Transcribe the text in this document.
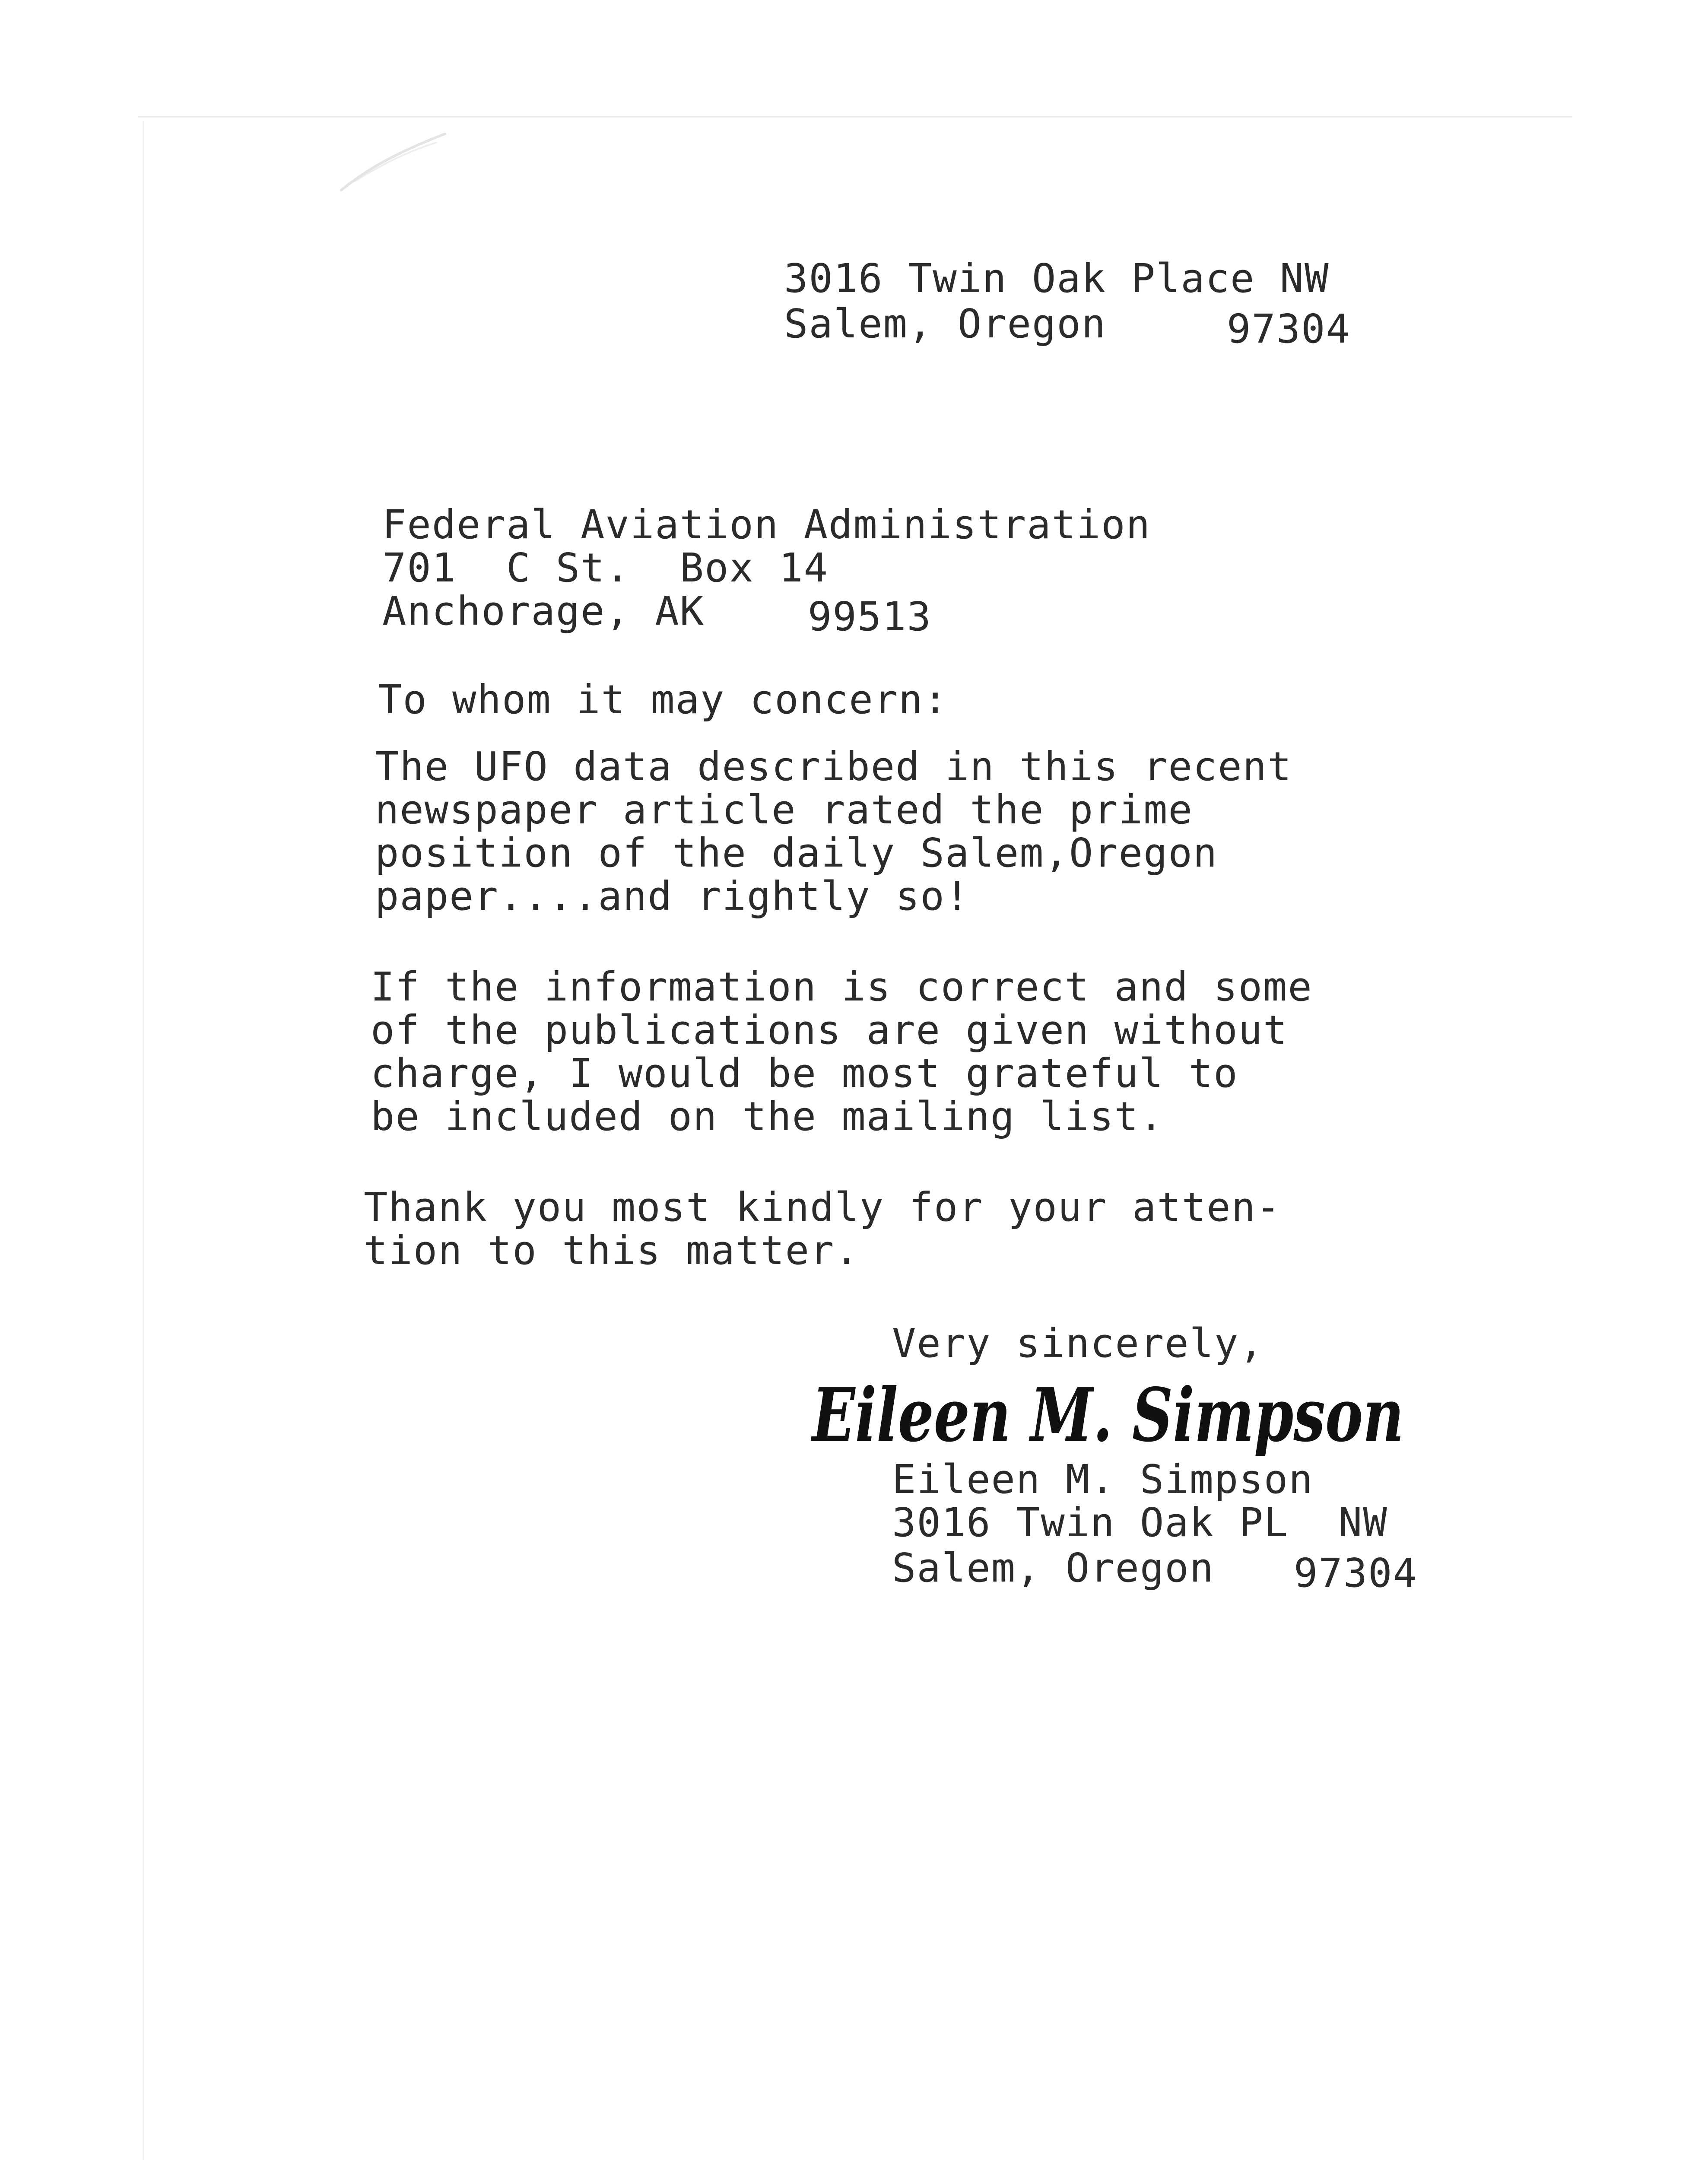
3016 Twin Oak Place NW
Salem, Oregon	97304
Federal Aviation Administration
701  C St.  Box 14
Anchorage, AK	99513
To whom it may concern:
The UFO data described in this recent
newspaper article rated the prime
position of the daily Salem,Oregon
paper....and rightly so!
If the information is correct and some
of the publications are given without
charge, I would be most grateful to
be included on the mailing list.
Thank you most kindly for your atten-
tion to this matter.
Very sincerely,
Eileen M. Simpson
Eileen M. Simpson
3016 Twin Oak PL  NW
Salem, Oregon 97304
